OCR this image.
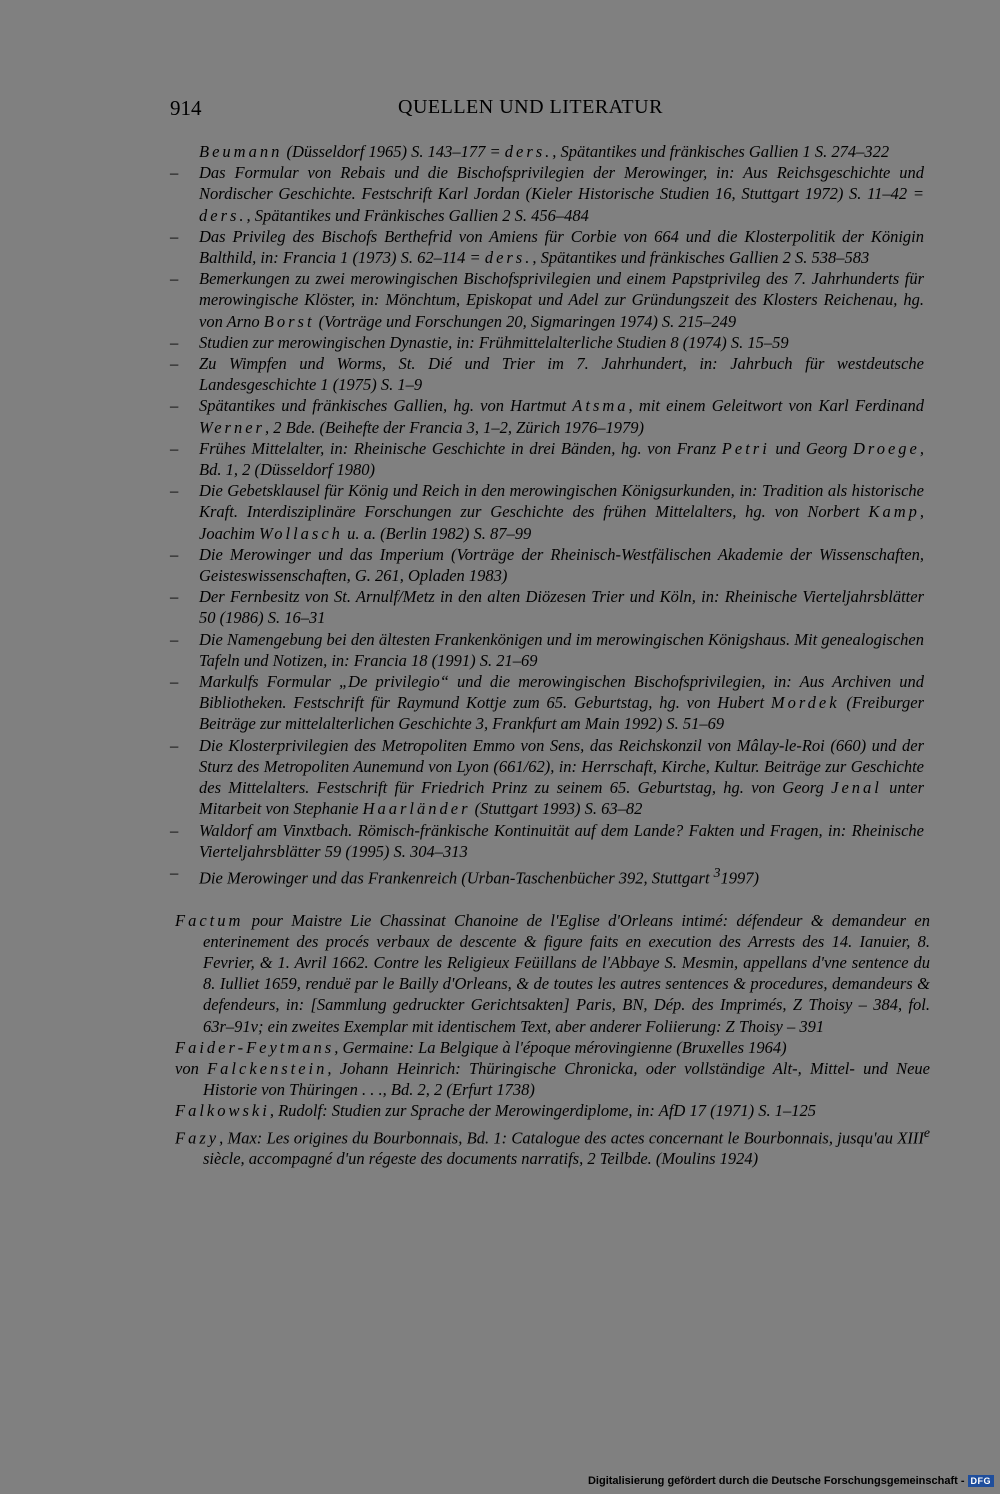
914	QUELLEN UND LITERATUR

Beumann (Düsseldorf 1965) S. 143–177 = ders., Spätantikes und fränkisches Gallien 1 S. 274–322

– Das Formular von Rebais und die Bischofsprivilegien der Merowinger, in: Aus Reichsgeschichte und Nordischer Geschichte. Festschrift Karl Jordan (Kieler Historische Studien 16, Stuttgart 1972) S. 11–42 = ders., Spätantikes und Fränkisches Gallien 2 S. 456–484

– Das Privileg des Bischofs Berthefrid von Amiens für Corbie von 664 und die Klosterpolitik der Königin Balthild, in: Francia 1 (1973) S. 62–114 = ders., Spätantikes und fränkisches Gallien 2 S. 538–583

– Bemerkungen zu zwei merowingischen Bischofsprivilegien und einem Papstprivileg des 7. Jahrhunderts für merowingische Klöster, in: Mönchtum, Episkopat und Adel zur Gründungszeit des Klosters Reichenau, hg. von Arno Borst (Vorträge und Forschungen 20, Sigmaringen 1974) S. 215–249

– Studien zur merowingischen Dynastie, in: Frühmittelalterliche Studien 8 (1974) S. 15–59

– Zu Wimpfen und Worms, St. Dié und Trier im 7. Jahrhundert, in: Jahrbuch für westdeutsche Landesgeschichte 1 (1975) S. 1–9

– Spätantikes und fränkisches Gallien, hg. von Hartmut Atsma, mit einem Geleitwort von Karl Ferdinand Werner, 2 Bde. (Beihefte der Francia 3, 1–2, Zürich 1976–1979)

– Frühes Mittelalter, in: Rheinische Geschichte in drei Bänden, hg. von Franz Petri und Georg Droege, Bd. 1, 2 (Düsseldorf 1980)

– Die Gebetsklausel für König und Reich in den merowingischen Königsurkunden, in: Tradition als historische Kraft. Interdisziplinäre Forschungen zur Geschichte des frühen Mittelalters, hg. von Norbert Kamp, Joachim Wollasch u. a. (Berlin 1982) S. 87–99

– Die Merowinger und das Imperium (Vorträge der Rheinisch-Westfälischen Akademie der Wissenschaften, Geisteswissenschaften, G. 261, Opladen 1983)

– Der Fernbesitz von St. Arnulf/Metz in den alten Diözesen Trier und Köln, in: Rheinische Vierteljahrsblätter 50 (1986) S. 16–31

– Die Namengebung bei den ältesten Frankenkönigen und im merowingischen Königshaus. Mit genealogischen Tafeln und Notizen, in: Francia 18 (1991) S. 21–69

– Markulfs Formular „De privilegio“ und die merowingischen Bischofsprivilegien, in: Aus Archiven und Bibliotheken. Festschrift für Raymund Kottje zum 65. Geburtstag, hg. von Hubert Mordek (Freiburger Beiträge zur mittelalterlichen Geschichte 3, Frankfurt am Main 1992) S. 51–69

– Die Klosterprivilegien des Metropoliten Emmo von Sens, das Reichskonzil von Mâlay-le-Roi (660) und der Sturz des Metropoliten Aunemund von Lyon (661/62), in: Herrschaft, Kirche, Kultur. Beiträge zur Geschichte des Mittelalters. Festschrift für Friedrich Prinz zu seinem 65. Geburtstag, hg. von Georg Jenal unter Mitarbeit von Stephanie Haarländer (Stuttgart 1993) S. 63–82

– Waldorf am Vinxtbach. Römisch-fränkische Kontinuität auf dem Lande? Fakten und Fragen, in: Rheinische Vierteljahrsblätter 59 (1995) S. 304–313

– Die Merowinger und das Frankenreich (Urban-Taschenbücher 392, Stuttgart $^3$1997)

Factum pour Maistre Lie Chassinat Chanoine de l'Eglise d'Orleans intimé: défendeur & demandeur en enterinement des procés verbaux de descente & figure faits en execution des Arrests des 14. Ianuier, 8. Fevrier, & 1. Avril 1662. Contre les Religieux Feüillans de l'Abbaye S. Mesmin, appellans d'vne sentence du 8. Iulliet 1659, renduë par le Bailly d'Orleans, & de toutes les autres sentences & procedures, demandeurs & defendeurs, in: [Sammlung gedruckter Gerichtsakten] Paris, BN, Dép. des Imprimés, Z Thoisy – 384, fol. 63r–91v; ein zweites Exemplar mit identischem Text, aber anderer Foliierung: Z Thoisy – 391

Faider-Feytmans, Germaine: La Belgique à l'époque mérovingienne (Bruxelles 1964)

von Falckenstein, Johann Heinrich: Thüringische Chronicka, oder vollständige Alt-, Mittel- und Neue Historie von Thüringen . . ., Bd. 2, 2 (Erfurt 1738)

Falkowski, Rudolf: Studien zur Sprache der Merowingerdiplome, in: AfD 17 (1971) S. 1–125

Fazy, Max: Les origines du Bourbonnais, Bd. 1: Catalogue des actes concernant le Bourbonnais, jusqu'au XIIIe siècle, accompagné d'un régeste des documents narratifs, 2 Teilbde. (Moulins 1924)

Digitalisierung gefördert durch die Deutsche Forschungsgemeinschaft - DFG
